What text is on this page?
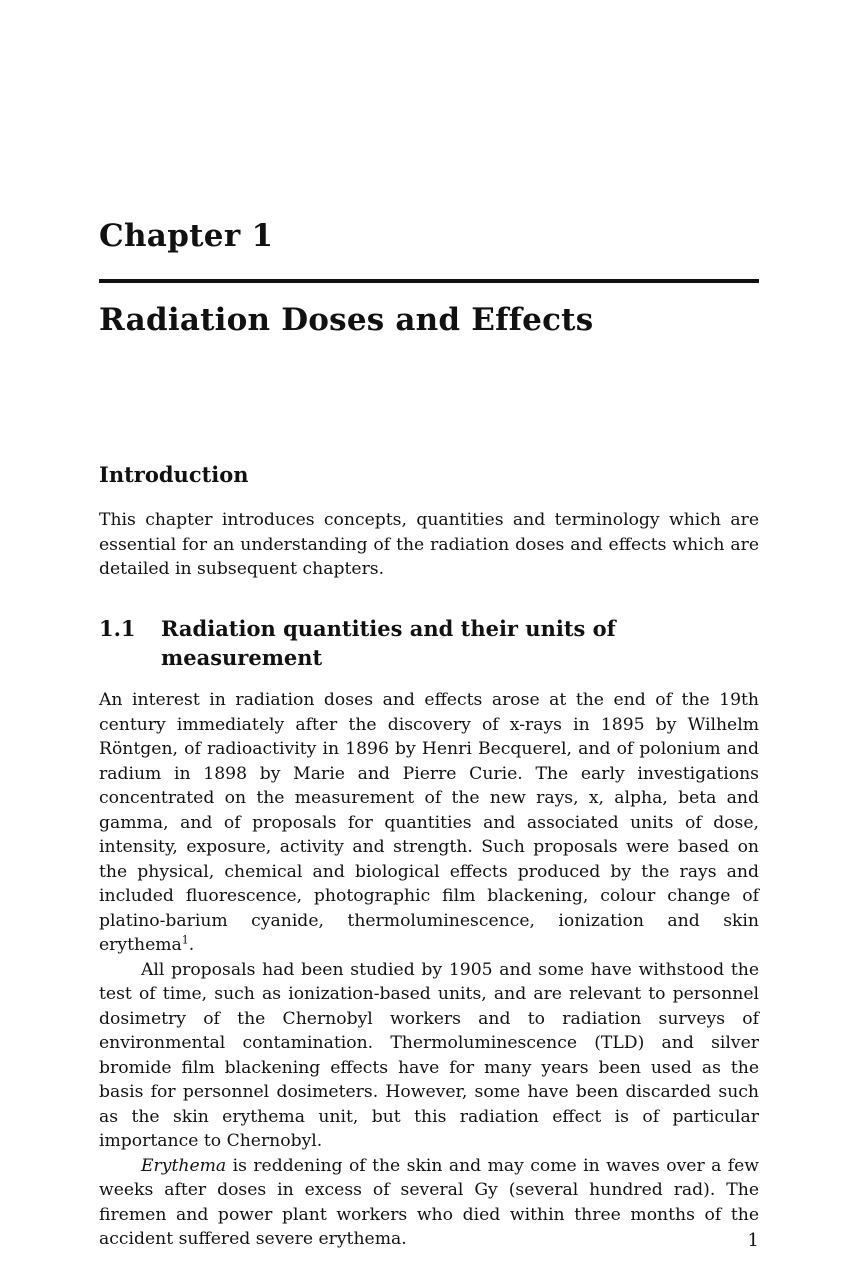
Chapter 1
Radiation Doses and Effects
Introduction

This chapter introduces concepts, quantities and terminology which are essential for an understanding of the radiation doses and effects which are detailed in subsequent chapters.

1.1 Radiation quantities and their units of measurement

An interest in radiation doses and effects arose at the end of the 19th century immediately after the discovery of x-rays in 1895 by Wilhelm Röntgen, of radioactivity in 1896 by Henri Becquerel, and of polonium and radium in 1898 by Marie and Pierre Curie. The early investigations concentrated on the measurement of the new rays, x, alpha, beta and gamma, and of proposals for quantities and associated units of dose, intensity, exposure, activity and strength. Such proposals were based on the physical, chemical and biological effects produced by the rays and included fluorescence, photographic film blackening, colour change of platino-barium cyanide, thermoluminescence, ionization and skin erythema$^1$.

All proposals had been studied by 1905 and some have withstood the test of time, such as ionization-based units, and are relevant to personnel dosimetry of the Chernobyl workers and to radiation surveys of environmental contamination. Thermoluminescence (TLD) and silver bromide film blackening effects have for many years been used as the basis for personnel dosimeters. However, some have been discarded such as the skin erythema unit, but this radiation effect is of particular importance to Chernobyl.

Erythema is reddening of the skin and may come in waves over a few weeks after doses in excess of several Gy (several hundred rad). The firemen and power plant workers who died within three months of the accident suffered severe erythema.	1
